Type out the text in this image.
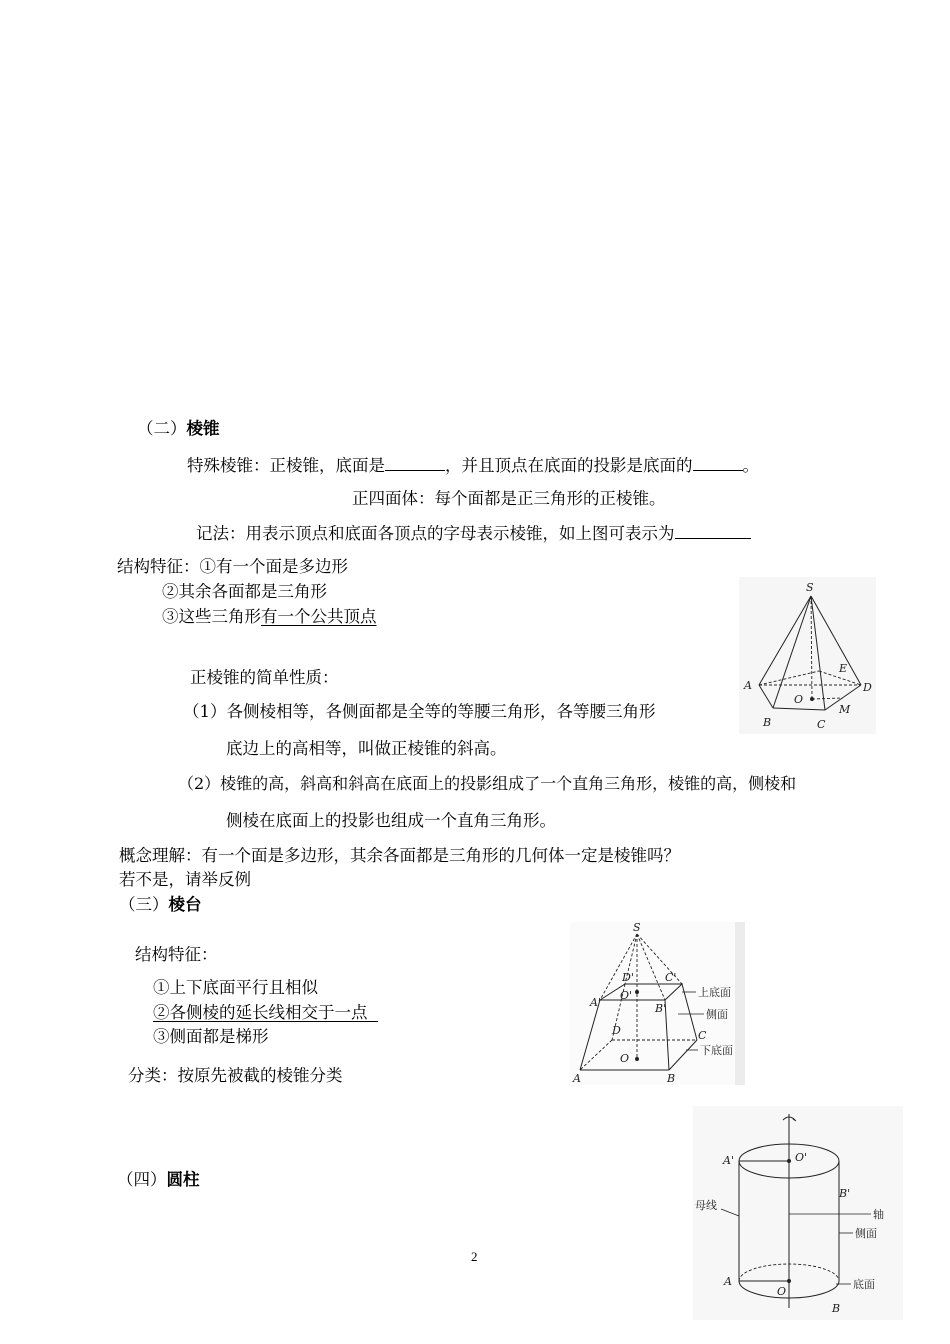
（二）棱锥
特殊棱锥：正棱锥，底面是	，并且顶点在底面的投影是底面的	。
正四面体：每个面都是正三角形的正棱锥。
记法：用表示顶点和底面各顶点的字母表示棱锥，如上图可表示为
结构特征：①有一个面是多边形
②其余各面都是三角形
③这些三角形有一个公共顶点
正棱锥的简单性质：
（1）各侧棱相等，各侧面都是全等的等腰三角形，各等腰三角形
底边上的高相等，叫做正棱锥的斜高。
（2）棱锥的高，斜高和斜高在底面上的投影组成了一个直角三角形，棱锥的高，侧棱和
侧棱在底面上的投影也组成一个直角三角形。
概念理解：有一个面是多边形，其余各面都是三角形的几何体一定是棱锥吗？
若不是，请举反例
S
A
B	C
D
E
O
M
（三）棱台
结构特征：
①上下底面平行且相似
②各侧棱的延长线相交于一点
③侧面都是梯形
分类：按原先被截的棱锥分类
S
A'
D'
O'
C'
B'
D	C
O
A	B
上底面
侧面
下底面
（四）圆柱
A'	O'
B'
A
O
B
母线
轴
侧面
底面
2
